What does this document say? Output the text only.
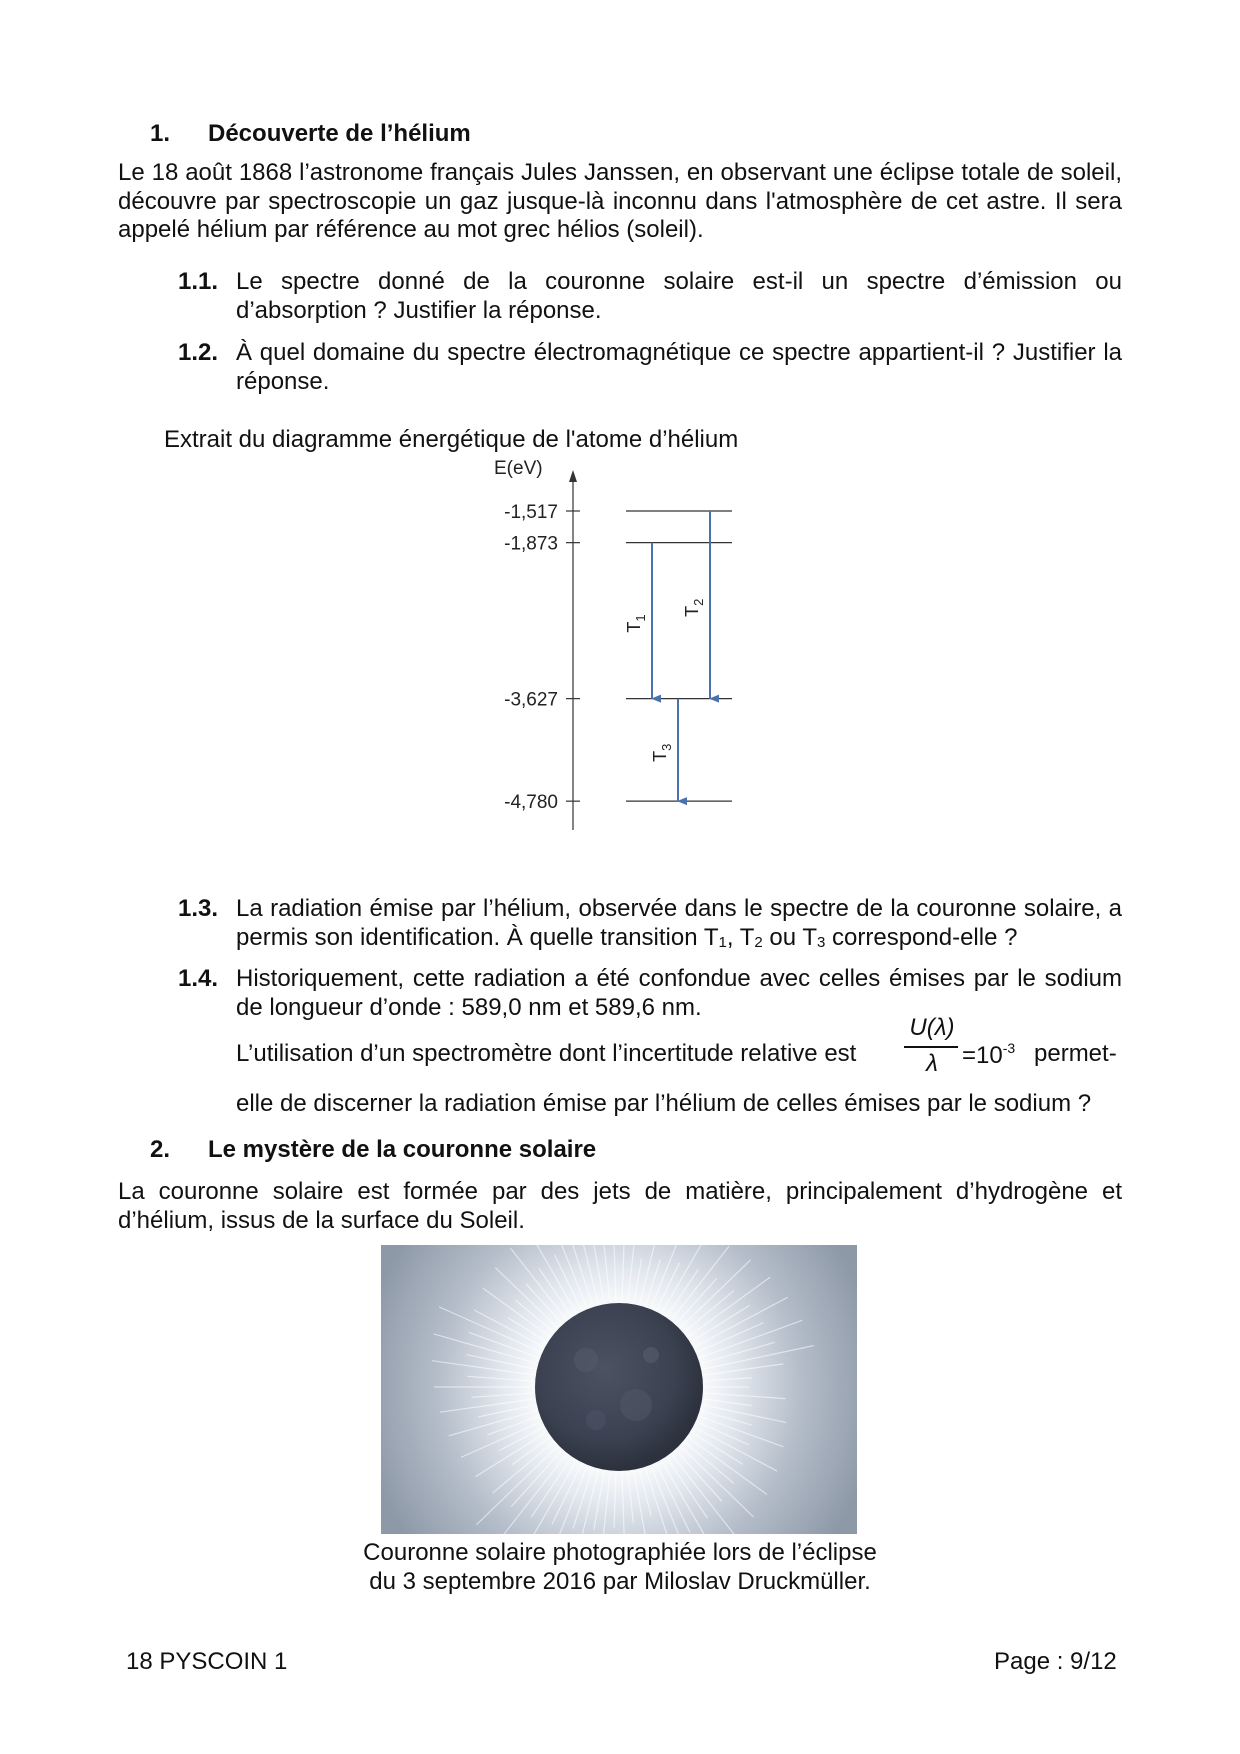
1. Découverte de l’hélium
Le 18 août 1868 l’astronome français Jules Janssen, en observant une éclipse totale de soleil, découvre par spectroscopie un gaz jusque-là inconnu dans l'atmosphère de cet astre. Il sera appelé hélium par référence au mot grec hélios (soleil).
1.1. Le spectre donné de la couronne solaire est-il un spectre d’émission ou d’absorption ? Justifier la réponse.
1.2. À quel domaine du spectre électromagnétique ce spectre appartient-il ? Justifier la réponse.
Extrait du diagramme énergétique de l'atome d’hélium
E(eV)
-1,517
-1,873
-3,627
-4,780
$T_1$
$T_2$
$T_3$
1.3. La radiation émise par l’hélium, observée dans le spectre de la couronne solaire, a permis son identification. À quelle transition $T_1$, $T_2$ ou $T_3$ correspond-elle ?
1.4. Historiquement, cette radiation a été confondue avec celles émises par le sodium de longueur d’onde : 589,0 nm et 589,6 nm.
L’utilisation d’un spectromètre dont l’incertitude relative est
U(λ)
λ	$=10^{-3}$ permet-
elle de discerner la radiation émise par l’hélium de celles émises par le sodium ?
2. Le mystère de la couronne solaire
La couronne solaire est formée par des jets de matière, principalement d’hydrogène et d’hélium, issus de la surface du Soleil.
Couronne solaire photographiée lors de l’éclipse
du 3 septembre 2016 par Miloslav Druckmüller.
18 PYSCOIN 1	Page : 9/12
